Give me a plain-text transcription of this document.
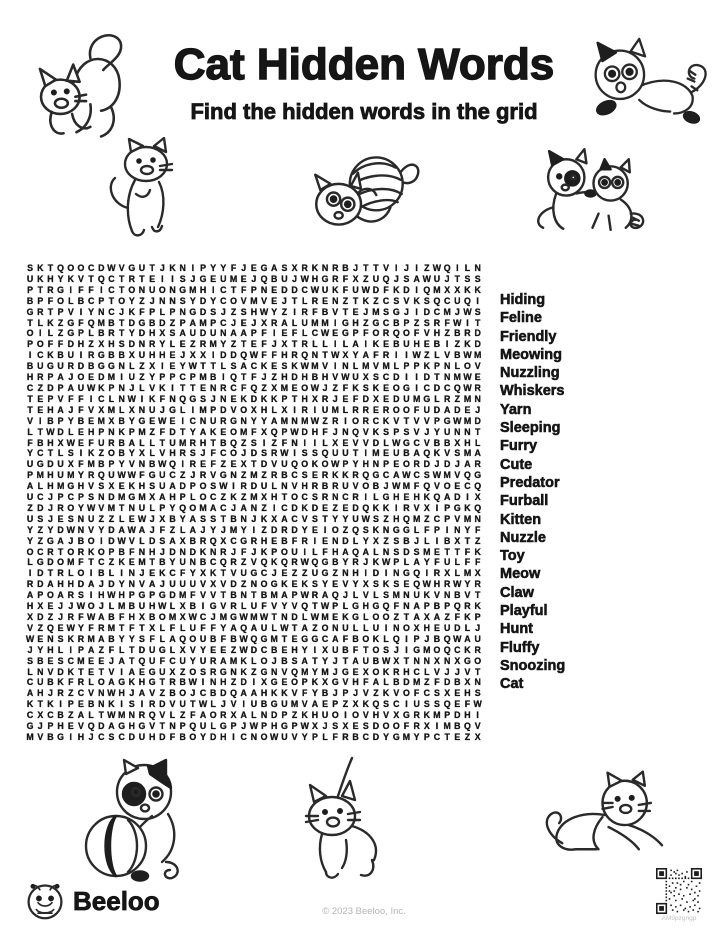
Cat Hidden Words
Find the hidden words in the grid
S K T Q O O C D W V G U T J K N I P Y Y F J E G A S X R K N R B J T T V I J I Z W Q I L N
U K H Y K V T Q C T R T E I I S J G E U M E J Q B U J W H G R F X Z U Q J S A W U J T S S
P T R G I F F I C T O N U O N G M H I C T F P N E D D C W U K F U W D F K D I Q M X X K K
B P F O L B C P T O Y Z J N N S Y D Y C O V M V E J T L R E N Z T K Z C S V K S Q C U Q I
G R T P V I Y N C J K F P L P N G D S J Z S H W Y Z I R F B V T E J M S G J I D C M J W S
T L K Z G F Q M B T D G B D Z P A M P C J E J X R A L U M M I G H Z G C B P Z S R F W I T
O I L Z G P L B R T Y D H X S A U D U N A A P F I E F L C W E G P F O R Q O F V H Z B R D
P O F F D H Z X H S D N R Y L E Z R M Y Z T E F J X T R L L I L A I K E B U H E B I Z K D
I C K B U I R G B B X U H H E J X X I D D Q W F F H R Q N T W X Y A F R I I W Z L V B W M
B U G U R D B G G N L Z X I E Y W T T L S A C K E S K W M V I N L M V M L P P K P N L O V
H R P A J O E D M I U Z Y P P C P M B I Q T F J Z H D H B H V W U X S C D I I D T N M W E
C Z D P A U W K P N J L V K I T T E N R C F Q Z X M E O W J Z F K S K E O G I C D C Q W R
T E P V F F I C L N W I K F N Q G S J N E K D K K P T H X R J E F D X E D U M G L R Z M N
T E H A J F V X M L X N U J G L I M P D V O X H L X I R I U M L R R E R O O F U D A D E J
V I B P Y B E M X B Y G E W E I C N U R G N Y Y A M N M W Z R I O R C K V T V V P G W M D
L T W D L E H P N K P M Z F D T Y A K E O M F X Q P W D H F J N Q V K S P S V J Y U N N T
F B H X W E F U R B A L L T U M R H T B Q Z S I Z F N I I L X E V V D L W G C V B B X H L
Y C T L S I K Z O B Y X L V H R S J F C O J D S R W I S S Q U U T I M E U B A Q K V S M A
U G D U X F M B P Y V N B W Q I R E F Z E X T D V U Q O K O W P Y H N P E O R D J D J A R
P M H U M Y R Q U W W F G U C Z J R V G N Z M Z R B C S E R K K R Q G C A W C S W M V Q G
A L H M G H V S X E K H S U A D P O S W I R D U L N V H R B R U V O B J W M F Q V O E C Q
U C J P C P S N D M G M X A H P L O C Z K Z M X H T O C S R N C R I L G H E H K Q A D I X
Z D J R O Y W V M T N U L P Y Q O M A C J A N Z I C D K D E Z E D Q K K I R V X I P G K Q
U S J E S N U Z Z L E W J X B Y A S S T B N J K X A C V S T Y Y U W S Z H Q M Z C P V M N
Y Z Y D W N V Y D A W A J F Z L A J Y J M Y I Z D R D Y E I O Z Q S K N G G L F P I N Y F
Y Z G A J B O I D W V L D S A X B R Q X C G R H E B F R I E N D L Y X Z S B J L I B X T Z
O C R T O R K O P B F N H J D N D K N R J F J K P O U I L F H A Q A L N S D S M E T T F K
L G D O M F T C Z K E M T B Y U N B C Q R Z V Q K Q R W Q G B Y R J K W P L A Y F U L F F
I D T R L O I B L I N J E K C F Y X K T V U G C J E Z Z U G Z N H I D I N G Q I R X L M X
R D A H H D A J D Y N V A J U U U V X V D Z N O G K E K S Y E V Y X S K S E Q W H R W Y R
A P O A R S I H W H P G P G D M F V V T B N T B M A P W R A Q J L V L S M N U K V N B V T
H X E J J W O J L M B U H W L X B I G V R L U F V Y V Q T W P L G H G Q F N A P B P Q R K
X D Z J R F W A B F H X B O M X W C J M G W M W T N D L W M E K G L O O Z T A X A Z F K P
V Z Q E W Y F R M T F T X L F L U F F Y A Q A U L W T A Z O N U L L U I N O X H E U D L J
W E N S K R M A B Y Y S F L A Q O U B F B W Q G M T E G G C A F B O K L Q I P J B Q W A U
J Y H L I P A Z F L T D U G L X V Y E E Z W D C B E H Y I X U B F T O S J I G M O Q C K R
S B E S C M E E J A T Q U F C U Y U R A M K L O J B S A T Y J T A U B W X T N N X N X G O
L N V D K T E T V I A E G U X Z O S R G N K Z G N V Q M Y M J G E X O K R H C L V J J V T
C U B K F R L O A G K H G T R B W I N H Z D I X G E O P K X G V H F A L B D M Z F D B X N
A H J R Z C V N W H J A V Z B O J C B D Q A A H K K V F Y B J P J V Z K V O F C S X E H S
K T K I P E B N K I S I R D V U T W L J V I U B G U M V A E P Z X K Q S C I U S S Q E F W
C X C B Z A L T W M N R Q V L Z F A O R X A L N D P Z K H U O I O V H V X G R K M P D H I
G J P H E V Q D A G H G V T N P Q U L G P J W P H G P W X J S X E S D O O F R X I M B Q V
M V B G I H J C S C D U H D F B O Y D H I C N O W U V Y P L F R B C D Y G M Y P C T E Z X
Hiding
Feline
Friendly
Meowing
Nuzzling
Whiskers
Yarn
Sleeping
Furry
Cute
Predator
Furball
Kitten
Nuzzle
Toy
Meow
Claw
Playful
Hunt
Fluffy
Snoozing
Cat
Beeloo	© 2023 Beeloo, Inc.
AM9pzgngp
